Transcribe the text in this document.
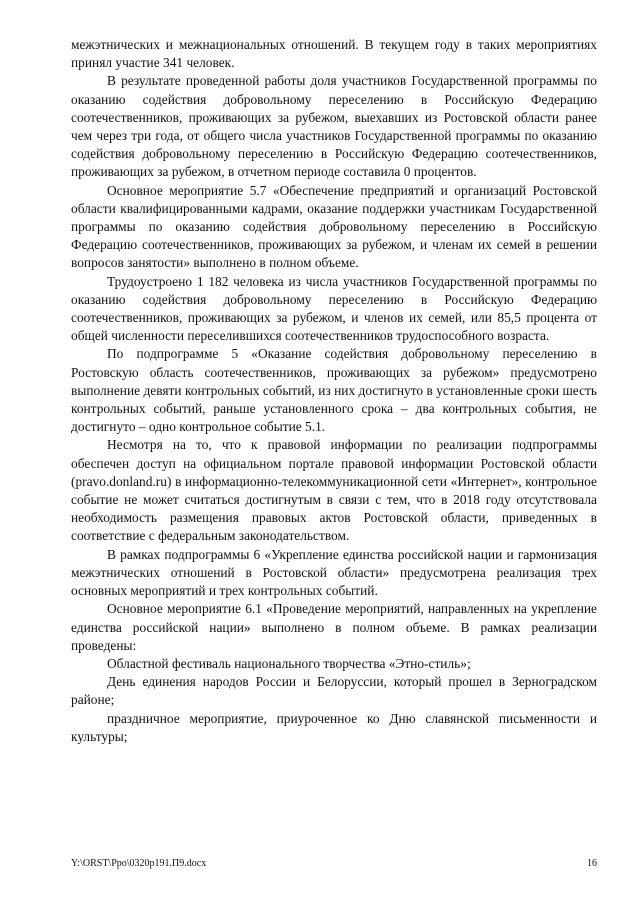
межэтнических и межнациональных отношений. В текущем году в таких мероприятиях принял участие 341 человек.

В результате проведенной работы доля участников Государственной программы по оказанию содействия добровольному переселению в Российскую Федерацию соотечественников, проживающих за рубежом, выехавших из Ростовской области ранее чем через три года, от общего числа участников Государственной программы по оказанию содействия добровольному переселению в Российскую Федерацию соотечественников, проживающих за рубежом, в отчетном периоде составила 0 процентов.

Основное мероприятие 5.7 «Обеспечение предприятий и организаций Ростовской области квалифицированными кадрами, оказание поддержки участникам Государственной программы по оказанию содействия добровольному переселению в Российскую Федерацию соотечественников, проживающих за рубежом, и членам их семей в решении вопросов занятости» выполнено в полном объеме.

Трудоустроено 1 182 человека из числа участников Государственной программы по оказанию содействия добровольному переселению в Российскую Федерацию соотечественников, проживающих за рубежом, и членов их семей, или 85,5 процента от общей численности переселившихся соотечественников трудоспособного возраста.

По подпрограмме 5 «Оказание содействия добровольному переселению в Ростовскую область соотечественников, проживающих за рубежом» предусмотрено выполнение девяти контрольных событий, из них достигнуто в установленные сроки шесть контрольных событий, раньше установленного срока – два контрольных события, не достигнуто – одно контрольное событие 5.1.

Несмотря на то, что к правовой информации по реализации подпрограммы обеспечен доступ на официальном портале правовой информации Ростовской области (pravo.donland.ru) в информационно-телекоммуникационной сети «Интернет», контрольное событие не может считаться достигнутым в связи с тем, что в 2018 году отсутствовала необходимость размещения правовых актов Ростовской области, приведенных в соответствие с федеральным законодательством.

В рамках подпрограммы 6 «Укрепление единства российской нации и гармонизация межэтнических отношений в Ростовской области» предусмотрена реализация трех основных мероприятий и трех контрольных событий.

Основное мероприятие 6.1 «Проведение мероприятий, направленных на укрепление единства российской нации» выполнено в полном объеме. В рамках реализации проведены:

Областной фестиваль национального творчества «Этно-стиль»;

День единения народов России и Белоруссии, который прошел в Зерноградском районе;

праздничное мероприятие, приуроченное ко Дню славянской письменности и культуры;

Y:\ORST\Ppo\0320p191.П9.docx	16
